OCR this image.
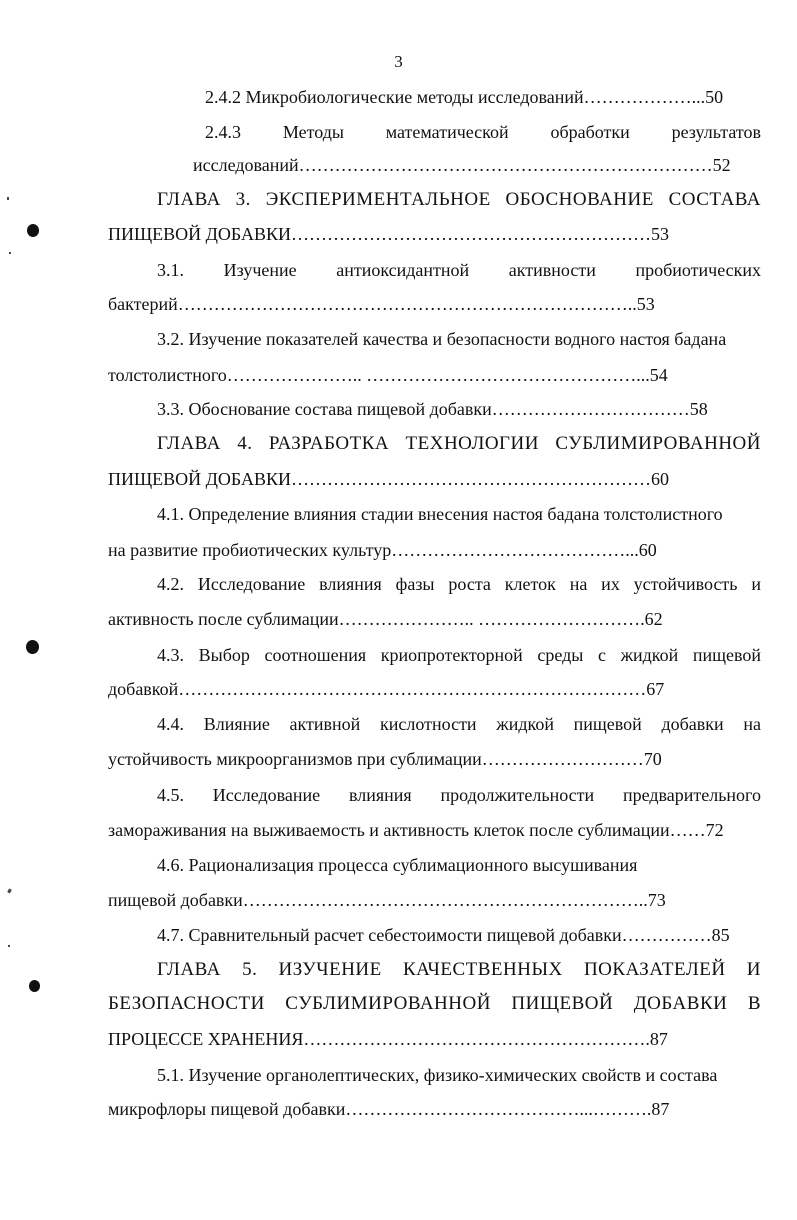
3
2.4.2 Микробиологические методы исследований………………...50
2.4.3 Методы математической обработки результатов
исследований……………………………………………………………52
ГЛАВА 3. ЭКСПЕРИМЕНТАЛЬНОЕ ОБОСНОВАНИЕ СОСТАВА
ПИЩЕВОЙ ДОБАВКИ……………………………………………………53
3.1. Изучение антиоксидантной активности пробиотических
бактерий…………………………………………………………………..53
3.2. Изучение показателей качества и безопасности водного настоя бадана
толстолистного………………….. ………………………………………...54
3.3. Обоснование состава пищевой добавки……………………………58
ГЛАВА 4. РАЗРАБОТКА ТЕХНОЛОГИИ СУБЛИМИРОВАННОЙ
ПИЩЕВОЙ ДОБАВКИ……………………………………………………60
4.1. Определение влияния стадии внесения настоя бадана толстолистного
на развитие пробиотических культур…………………………………...60
4.2. Исследование влияния фазы роста клеток на их устойчивость и
активность после сублимации………………….. ……………………….62
4.3. Выбор соотношения криопротекторной среды с жидкой пищевой
добавкой……………………………………………………………………67
4.4. Влияние активной кислотности жидкой пищевой добавки на
устойчивость микроорганизмов при сублимации………………………70
4.5. Исследование влияния продолжительности предварительного
замораживания на выживаемость и активность клеток после сублимации……72
4.6. Рационализация процесса сублимационного высушивания
пищевой добавки…………………………………………………………..73
4.7. Сравнительный расчет себестоимости пищевой добавки……………85
ГЛАВА 5. ИЗУЧЕНИЕ КАЧЕСТВЕННЫХ ПОКАЗАТЕЛЕЙ И
БЕЗОПАСНОСТИ СУБЛИМИРОВАННОЙ ПИЩЕВОЙ ДОБАВКИ В
ПРОЦЕССЕ ХРАНЕНИЯ………………………………………………….87
5.1. Изучение органолептических, физико-химических свойств и состава
микрофлоры пищевой добавки…………………………………...……….87
